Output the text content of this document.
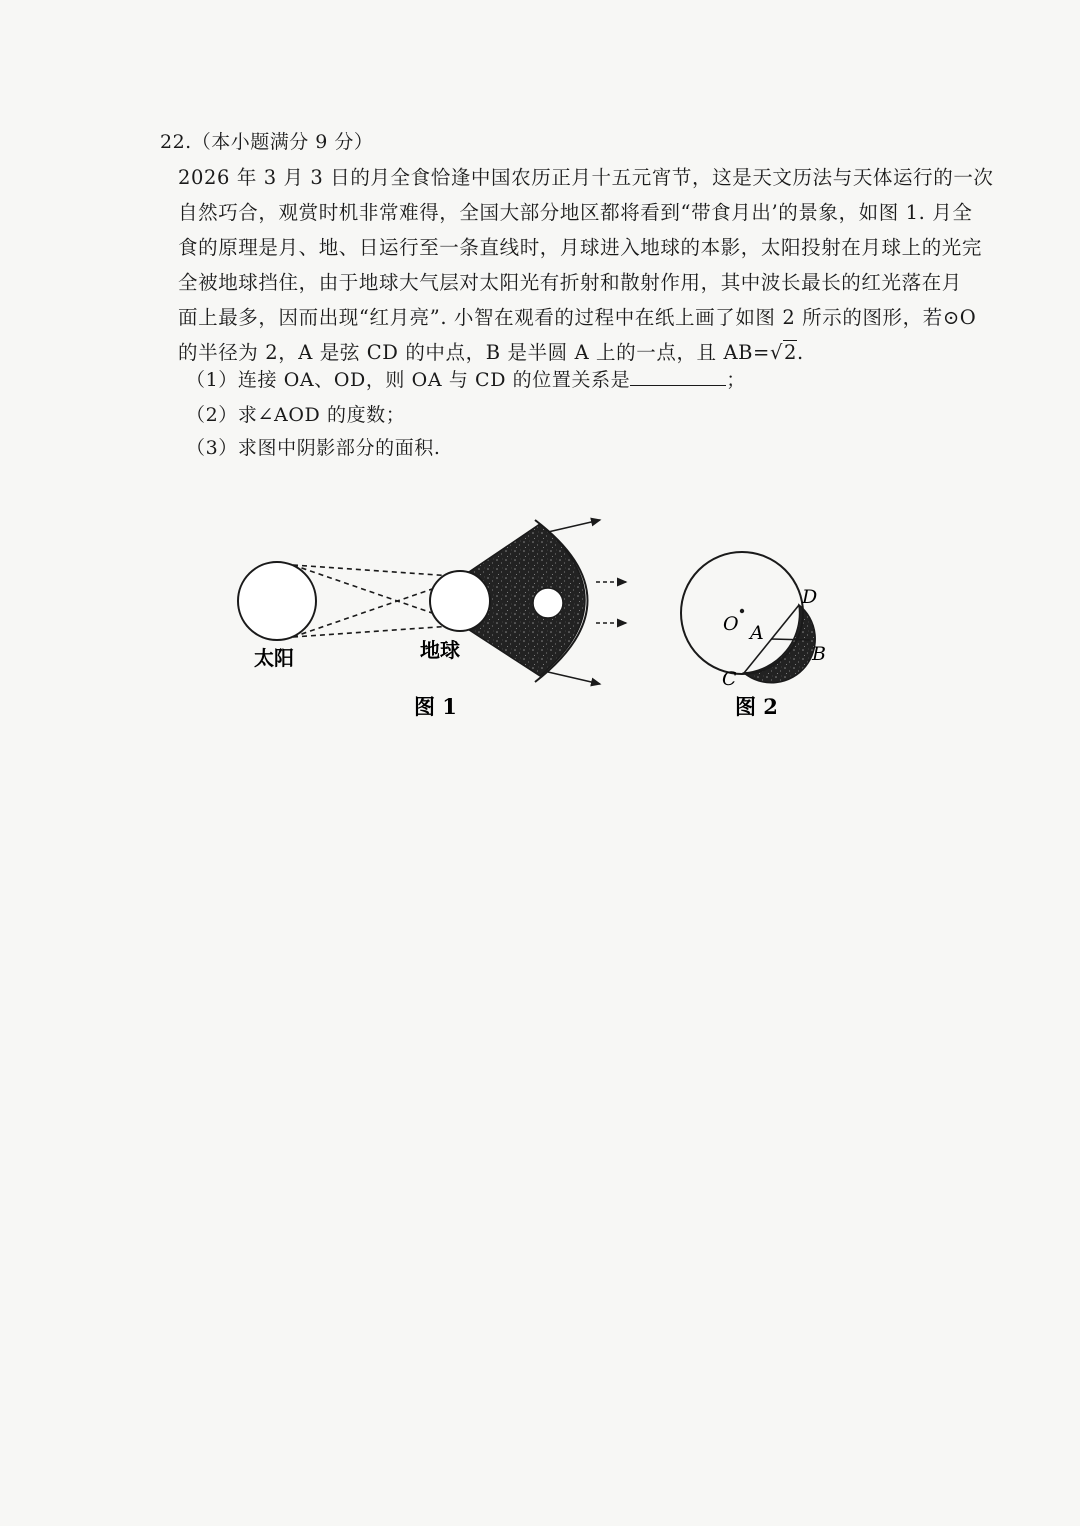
22.（本小题满分 9 分）
2026 年 3 月 3 日的月全食恰逢中国农历正月十五元宵节，这是天文历法与天体运行的一次
自然巧合，观赏时机非常难得，全国大部分地区都将看到“带食月出’的景象，如图 1. 月全
食的原理是月、地、日运行至一条直线时，月球进入地球的本影，太阳投射在月球上的光完
全被地球挡住，由于地球大气层对太阳光有折射和散射作用，其中波长最长的红光落在月
面上最多，因而出现“红月亮”. 小智在观看的过程中在纸上画了如图 2 所示的图形，若⊙O
的半径为 2，A 是弦 CD 的中点，B 是半圆 A 上的一点，且 AB=√2.
（1）连接 OA、OD，则 OA 与 CD 的位置关系是	；
（2）求∠AOD 的度数；
（3）求图中阴影部分的面积.
太阳	地球
图 1
O A
B
C
D
图 2
